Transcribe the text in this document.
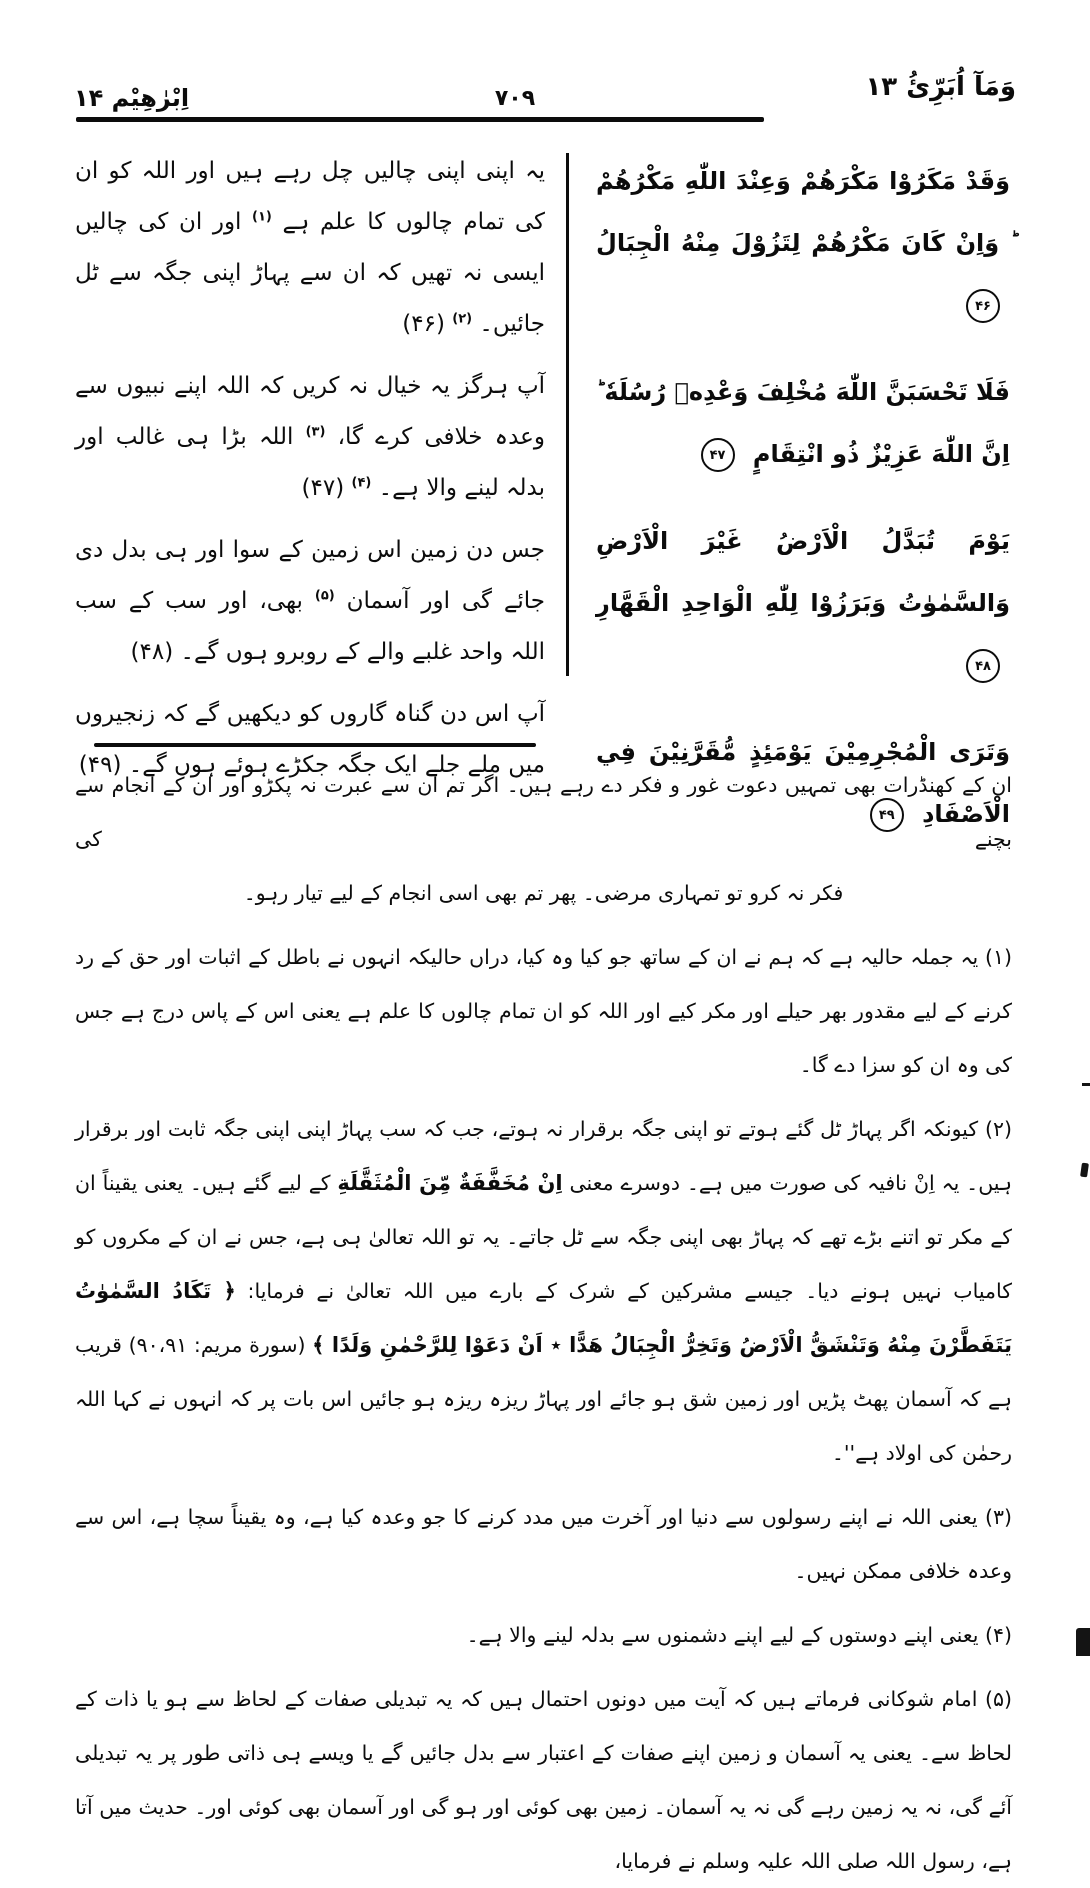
اِبْرٰهِيْم ۱۴	۷۰۹	وَمَآ اُبَرِّئُ ۱۳
یہ اپنی اپنی چالیں چل رہے ہیں اور اللہ کو ان کی تمام چالوں کا علم ہے $^{(۱)}$ اور ان کی چالیں ایسی نہ تھیں کہ ان سے پہاڑ اپنی جگہ سے ٹل جائیں۔ $^{(۲)}$ (۴۶)
آپ ہرگز یہ خیال نہ کریں کہ اللہ اپنے نبیوں سے وعدہ خلافی کرے گا، $^{(۳)}$ اللہ بڑا ہی غالب اور بدلہ لینے والا ہے۔ $^{(۴)}$ (۴۷)
جس دن زمین اس زمین کے سوا اور ہی بدل دی جائے گی اور آسمان $^{(۵)}$ بھی، اور سب کے سب اللہ واحد غلبے والے کے روبرو ہوں گے۔ (۴۸)
آپ اس دن گناہ گاروں کو دیکھیں گے کہ زنجیروں میں ملے جلے ایک جگہ جکڑے ہوئے ہوں گے۔ (۴۹)
وَقَدْ مَكَرُوْا مَكْرَهُمْ وَعِنْدَ اللّٰهِ مَكْرُهُمْ ؕ وَاِنْ كَانَ مَكْرُهُمْ لِتَزُوْلَ مِنْهُ الْجِبَالُ ۴۶
فَلَا تَحْسَبَنَّ اللّٰهَ مُخْلِفَ وَعْدِهٖ رُسُلَهٗ ؕ اِنَّ اللّٰهَ عَزِيْزٌ ذُو انْتِقَامٍ ۴۷
يَوْمَ تُبَدَّلُ الْاَرْضُ غَيْرَ الْاَرْضِ وَالسَّمٰوٰتُ وَبَرَزُوْا لِلّٰهِ الْوَاحِدِ الْقَهَّارِ ۴۸
وَتَرَى الْمُجْرِمِيْنَ يَوْمَئِذٍ مُّقَرَّنِيْنَ فِي الْاَصْفَادِ ۴۹
ان کے کھنڈرات بھی تمہیں دعوت غور و فکر دے رہے ہیں۔ اگر تم ان سے عبرت نہ پکڑو اور ان کے انجام سے بچنے کی
فکر نہ کرو تو تمہاری مرضی۔ پھر تم بھی اسی انجام کے لیے تیار رہو۔

(۱) یہ جملہ حالیہ ہے کہ ہم نے ان کے ساتھ جو کیا وہ کیا، دراں حالیکہ انہوں نے باطل کے اثبات اور حق کے رد کرنے کے لیے مقدور بھر حیلے اور مکر کیے اور اللہ کو ان تمام چالوں کا علم ہے یعنی اس کے پاس درج ہے جس کی وہ ان کو سزا دے گا۔

(۲) کیونکہ اگر پہاڑ ٹل گئے ہوتے تو اپنی جگہ برقرار نہ ہوتے، جب کہ سب پہاڑ اپنی اپنی جگہ ثابت اور برقرار ہیں۔ یہ اِنْ نافیہ کی صورت میں ہے۔ دوسرے معنی اِنْ مُخَفَّفَةٌ مِّنَ الْمُثَقَّلَةِ کے لیے گئے ہیں۔ یعنی یقیناً ان کے مکر تو اتنے بڑے تھے کہ پہاڑ بھی اپنی جگہ سے ٹل جاتے۔ یہ تو اللہ تعالیٰ ہی ہے، جس نے ان کے مکروں کو کامیاب نہیں ہونے دیا۔ جیسے مشرکین کے شرک کے بارے میں اللہ تعالیٰ نے فرمایا: ﴿ تَكَادُ السَّمٰوٰتُ يَتَفَطَّرْنَ مِنْهُ وَتَنْشَقُّ الْاَرْضُ وَتَخِرُّ الْجِبَالُ هَدًّا ٭ اَنْ دَعَوْا لِلرَّحْمٰنِ وَلَدًا ﴾ (سورة مريم: ۹۰،۹۱) قریب ہے کہ آسمان پھٹ پڑیں اور زمین شق ہو جائے اور پہاڑ ریزہ ریزہ ہو جائیں اس بات پر کہ انہوں نے کہا اللہ رحمٰن کی اولاد ہے''۔

(۳) یعنی اللہ نے اپنے رسولوں سے دنیا اور آخرت میں مدد کرنے کا جو وعدہ کیا ہے، وہ یقیناً سچا ہے، اس سے وعدہ خلافی ممکن نہیں۔

(۴) یعنی اپنے دوستوں کے لیے اپنے دشمنوں سے بدلہ لینے والا ہے۔

(۵) امام شوکانی فرماتے ہیں کہ آیت میں دونوں احتمال ہیں کہ یہ تبدیلی صفات کے لحاظ سے ہو یا ذات کے لحاظ سے۔ یعنی یہ آسمان و زمین اپنے صفات کے اعتبار سے بدل جائیں گے یا ویسے ہی ذاتی طور پر یہ تبدیلی آئے گی، نہ یہ زمین رہے گی نہ یہ آسمان۔ زمین بھی کوئی اور ہو گی اور آسمان بھی کوئی اور۔ حدیث میں آتا ہے، رسول اللہ صلی اللہ علیہ وسلم نے فرمایا،
